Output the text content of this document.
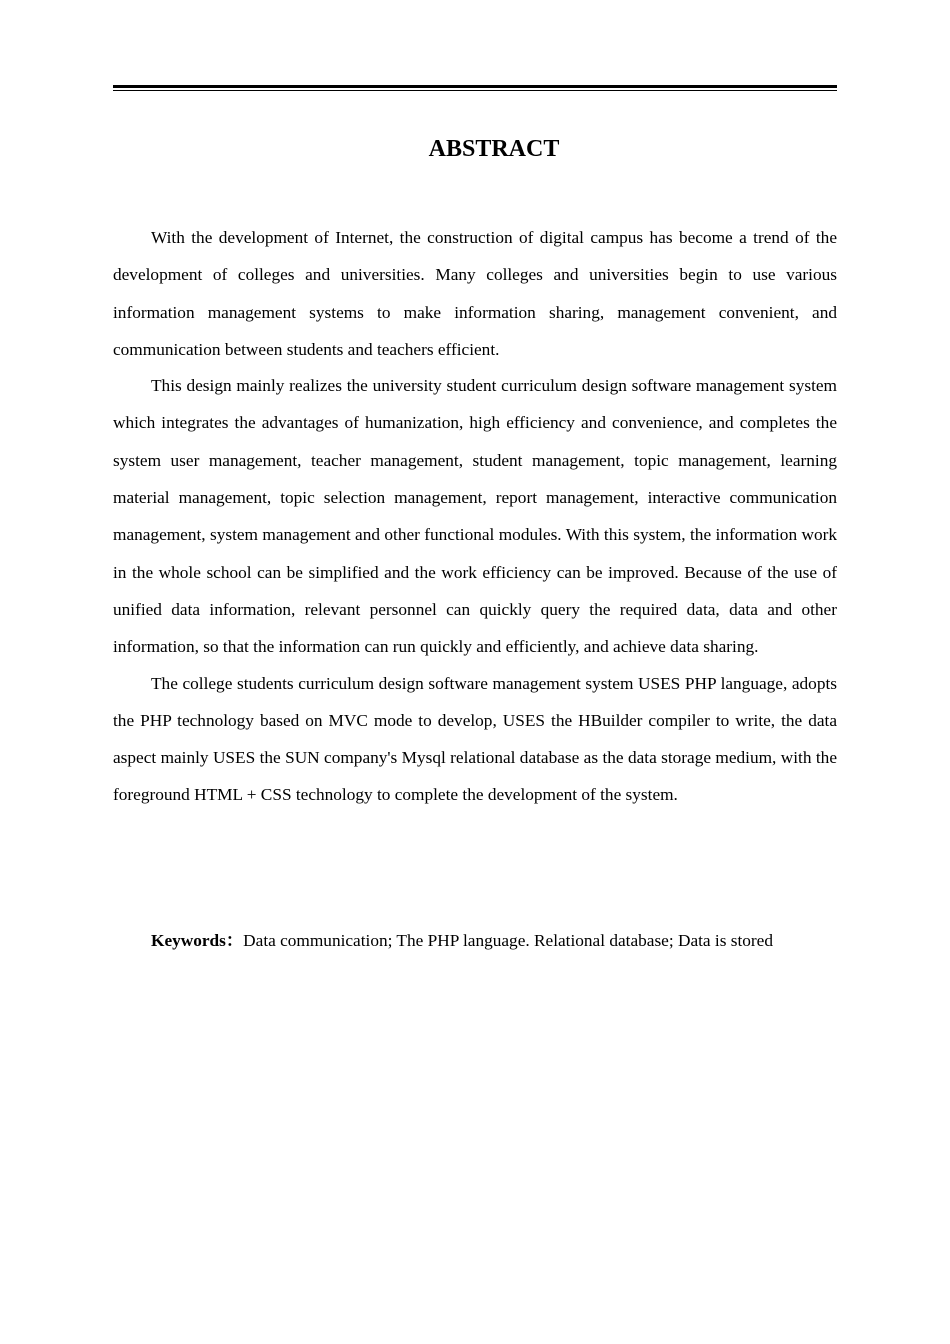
ABSTRACT

With the development of Internet, the construction of digital campus has become a trend of the development of colleges and universities. Many colleges and universities begin to use various information management systems to make information sharing, management convenient, and communication between students and teachers efficient.

This design mainly realizes the university student curriculum design software management system which integrates the advantages of humanization, high efficiency and convenience, and completes the system user management, teacher management, student management, topic management, learning material management, topic selection management, report management, interactive communication management, system management and other functional modules. With this system, the information work in the whole school can be simplified and the work efficiency can be improved. Because of the use of unified data information, relevant personnel can quickly query the required data, data and other information, so that the information can run quickly and efficiently, and achieve data sharing.

The college students curriculum design software management system USES PHP language, adopts the PHP technology based on MVC mode to develop, USES the HBuilder compiler to write, the data aspect mainly USES the SUN company's Mysql relational database as the data storage medium, with the foreground HTML + CSS technology to complete the development of the system.

Keywords：Data communication; The PHP language. Relational database; Data is stored
